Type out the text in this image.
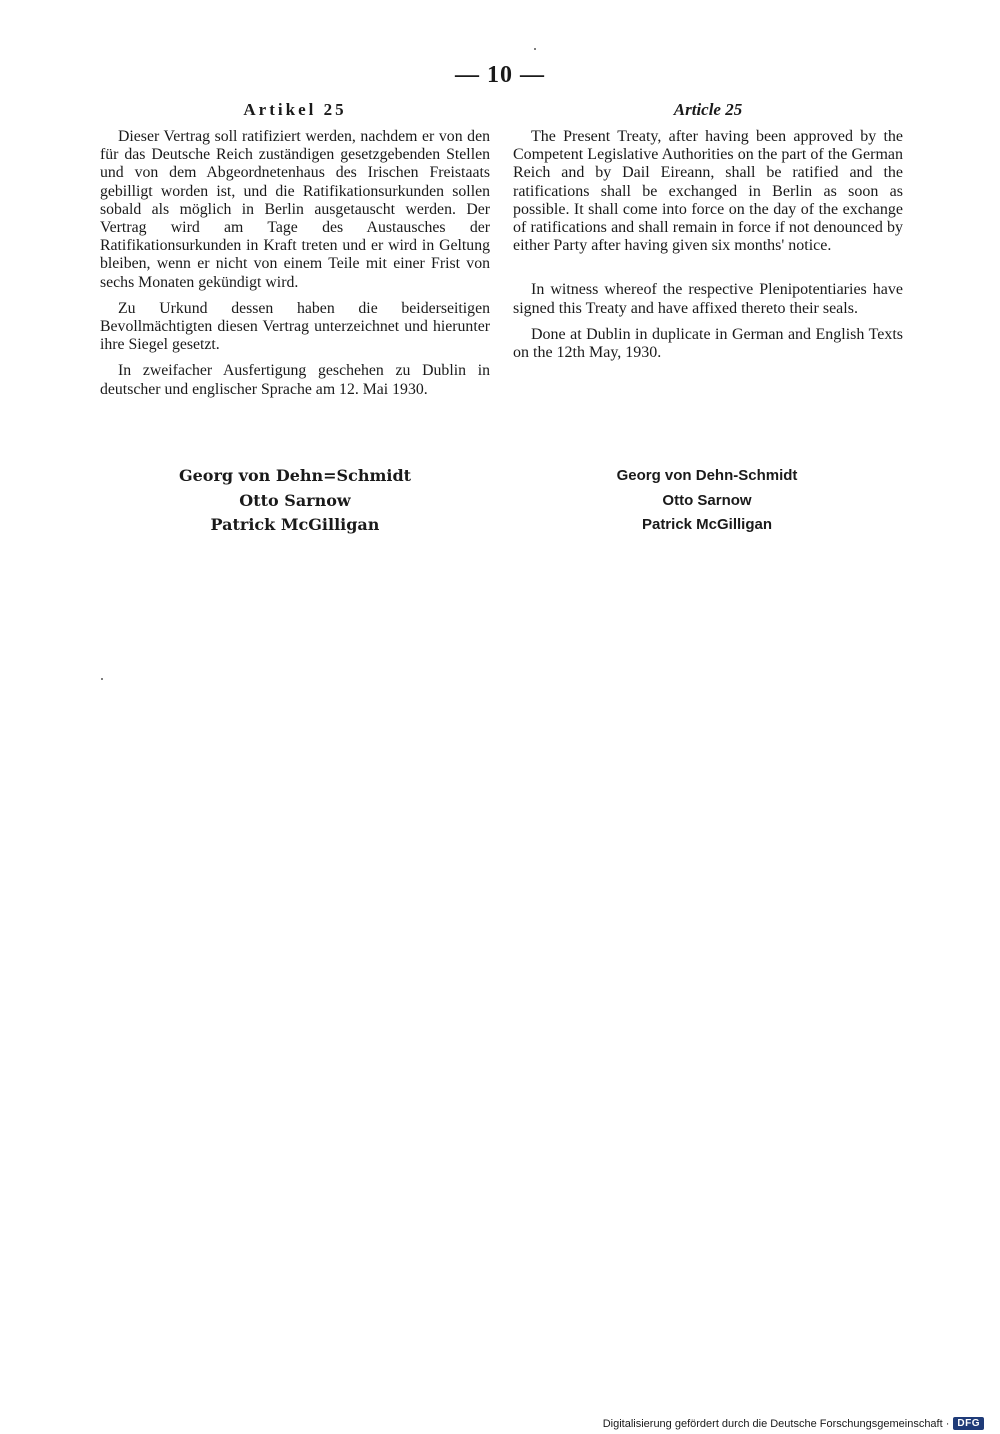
— 10 —
Artikel 25

Dieser Vertrag soll ratifiziert werden, nachdem er von den für das Deutsche Reich zuständigen gesetzgebenden Stellen und von dem Abgeordnetenhaus des Irischen Freistaats gebilligt worden ist, und die Ratifikationsurkunden sollen sobald als möglich in Berlin ausgetauscht werden. Der Vertrag wird am Tage des Austausches der Ratifikationsurkunden in Kraft treten und er wird in Geltung bleiben, wenn er nicht von einem Teile mit einer Frist von sechs Monaten gekündigt wird.

Zu Urkund dessen haben die beiderseitigen Bevollmächtigten diesen Vertrag unterzeichnet und hierunter ihre Siegel gesetzt.

In zweifacher Ausfertigung geschehen zu Dublin in deutscher und englischer Sprache am 12. Mai 1930.

Article 25

The Present Treaty, after having been approved by the Competent Legislative Authorities on the part of the German Reich and by Dail Eireann, shall be ratified and the ratifications shall be exchanged in Berlin as soon as possible. It shall come into force on the day of the exchange of ratifications and shall remain in force if not denounced by either Party after having given six months' notice.

In witness whereof the respective Plenipotentiaries have signed this Treaty and have affixed thereto their seals.

Done at Dublin in duplicate in German and English Texts on the 12th May, 1930.

Georg von Dehn=Schmidt
Otto Sarnow
Patrick McGilligan
Georg von Dehn-Schmidt
Otto Sarnow
Patrick McGilligan
Digitalisierung gefördert durch die Deutsche Forschungsgemeinschaft · DFG
